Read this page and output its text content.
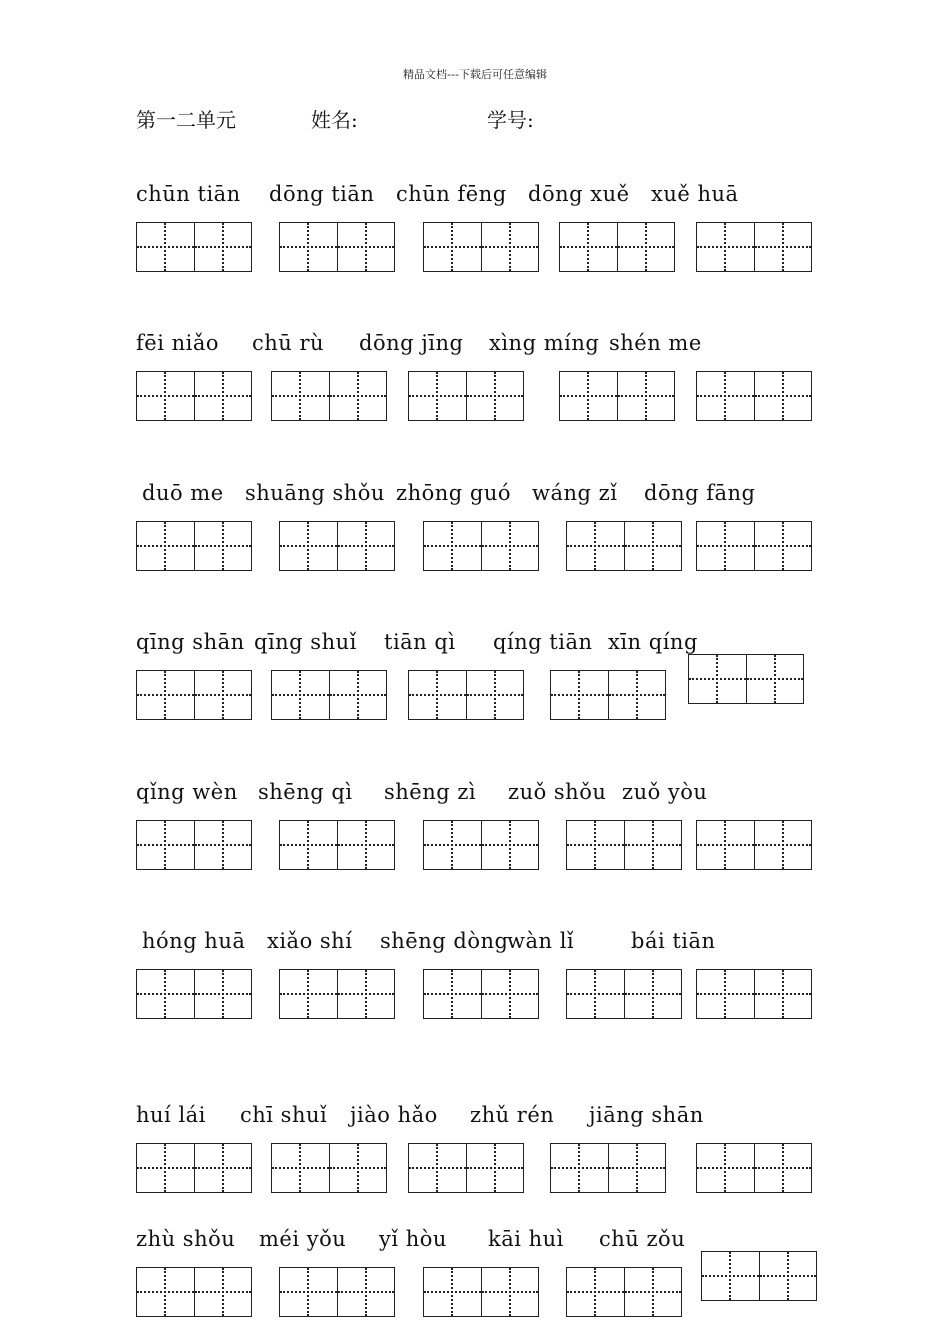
精品文档---下载后可任意编辑
第一二单元	姓名:	学号:
chūn tiān dōng tiān chūn fēng dōng xuě xuě huā
fēi niǎo chū rù dōng jīng xìng míng shén me
duō me shuāng shǒu zhōng guó wáng zǐ dōng fāng
qīng shān qīng shuǐ tiān qì qíng tiān xīn qíng
qǐng wèn shēng qì shēng zì zuǒ shǒu zuǒ yòu
hóng huā xiǎo shí shēng dòng
wàn lǐ	bái tiān
huí lái chī shuǐ jiào hǎo zhǔ rén jiāng shān
zhù shǒu méi yǒu yǐ hòu kāi huì chū zǒu
